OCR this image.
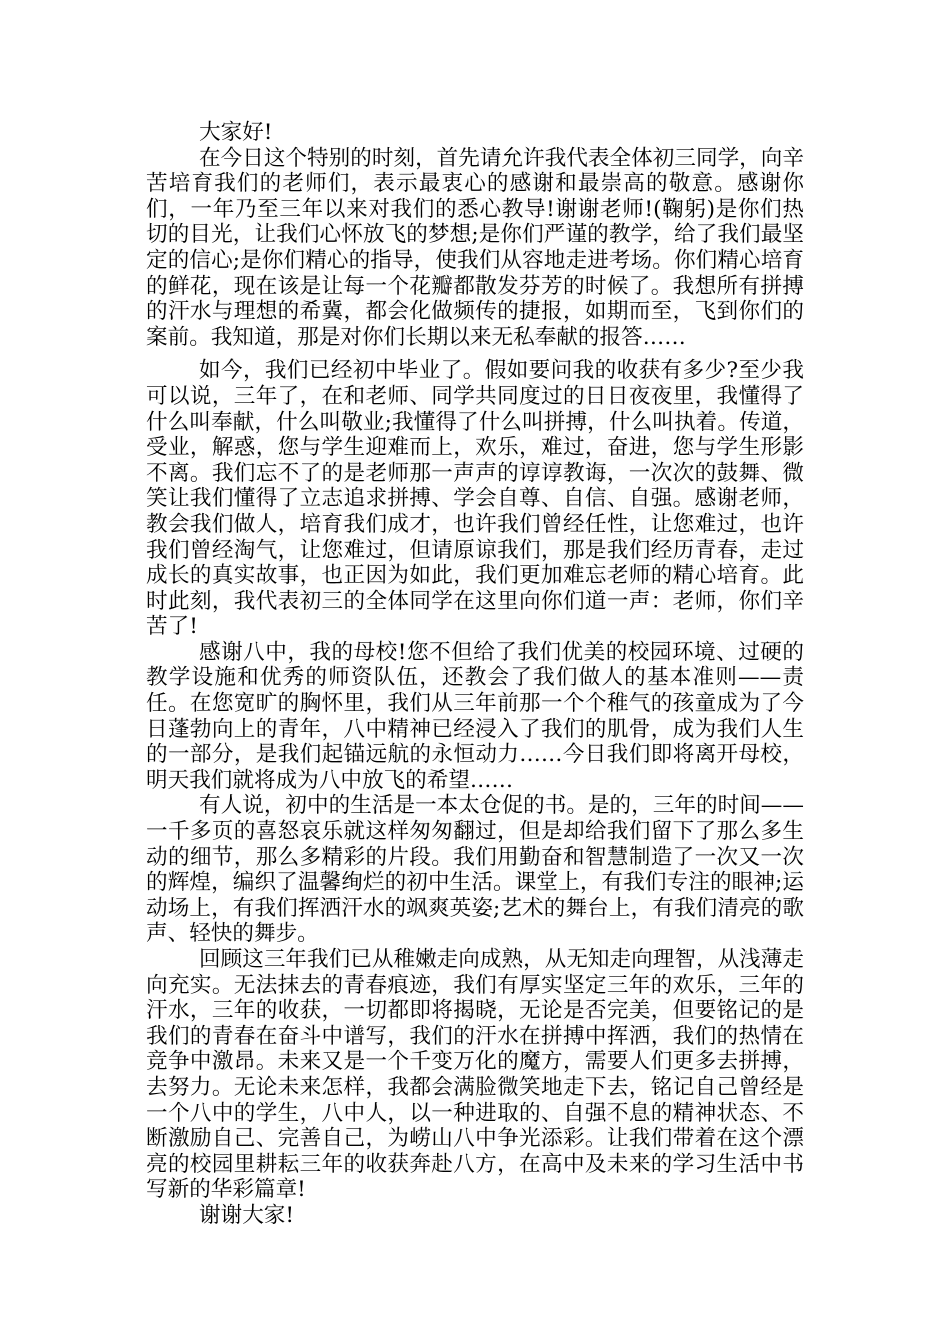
大家好!

在今日这个特别的时刻，首先请允许我代表全体初三同学，向辛苦培育我们的老师们，表示最衷心的感谢和最崇高的敬意。感谢你们，一年乃至三年以来对我们的悉心教导!谢谢老师!(鞠躬)是你们热切的目光，让我们心怀放飞的梦想;是你们严谨的教学，给了我们最坚定的信心;是你们精心的指导，使我们从容地走进考场。你们精心培育的鲜花，现在该是让每一个花瓣都散发芬芳的时候了。我想所有拼搏的汗水与理想的希冀，都会化做频传的捷报，如期而至，飞到你们的案前。我知道，那是对你们长期以来无私奉献的报答……

如今，我们已经初中毕业了。假如要问我的收获有多少?至少我可以说，三年了，在和老师、同学共同度过的日日夜夜里，我懂得了什么叫奉献，什么叫敬业;我懂得了什么叫拼搏，什么叫执着。传道，受业，解惑，您与学生迎难而上，欢乐，难过，奋进，您与学生形影不离。我们忘不了的是老师那一声声的谆谆教诲，一次次的鼓舞、微笑让我们懂得了立志追求拼搏、学会自尊、自信、自强。感谢老师，教会我们做人，培育我们成才，也许我们曾经任性，让您难过，也许我们曾经淘气，让您难过，但请原谅我们，那是我们经历青春，走过成长的真实故事，也正因为如此，我们更加难忘老师的精心培育。此时此刻，我代表初三的全体同学在这里向你们道一声：老师，你们辛苦了!

感谢八中，我的母校!您不但给了我们优美的校园环境、过硬的教学设施和优秀的师资队伍，还教会了我们做人的基本准则——责任。在您宽旷的胸怀里，我们从三年前那一个个稚气的孩童成为了今日蓬勃向上的青年，八中精神已经浸入了我们的肌骨，成为我们人生的一部分，是我们起锚远航的永恒动力……今日我们即将离开母校，明天我们就将成为八中放飞的希望……

有人说，初中的生活是一本太仓促的书。是的，三年的时间——一千多页的喜怒哀乐就这样匆匆翻过，但是却给我们留下了那么多生动的细节，那么多精彩的片段。我们用勤奋和智慧制造了一次又一次的辉煌，编织了温馨绚烂的初中生活。课堂上，有我们专注的眼神;运动场上，有我们挥洒汗水的飒爽英姿;艺术的舞台上，有我们清亮的歌声、轻快的舞步。

回顾这三年我们已从稚嫩走向成熟，从无知走向理智，从浅薄走向充实。无法抹去的青春痕迹，我们有厚实坚定三年的欢乐，三年的汗水，三年的收获，一切都即将揭晓，无论是否完美，但要铭记的是我们的青春在奋斗中谱写，我们的汗水在拼搏中挥洒，我们的热情在竞争中激昂。未来又是一个千变万化的魔方，需要人们更多去拼搏，去努力。无论未来怎样，我都会满脸微笑地走下去，铭记自己曾经是一个八中的学生，八中人，以一种进取的、自强不息的精神状态、不断激励自己、完善自己，为崂山八中争光添彩。让我们带着在这个漂亮的校园里耕耘三年的收获奔赴八方，在高中及未来的学习生活中书写新的华彩篇章!

谢谢大家!
